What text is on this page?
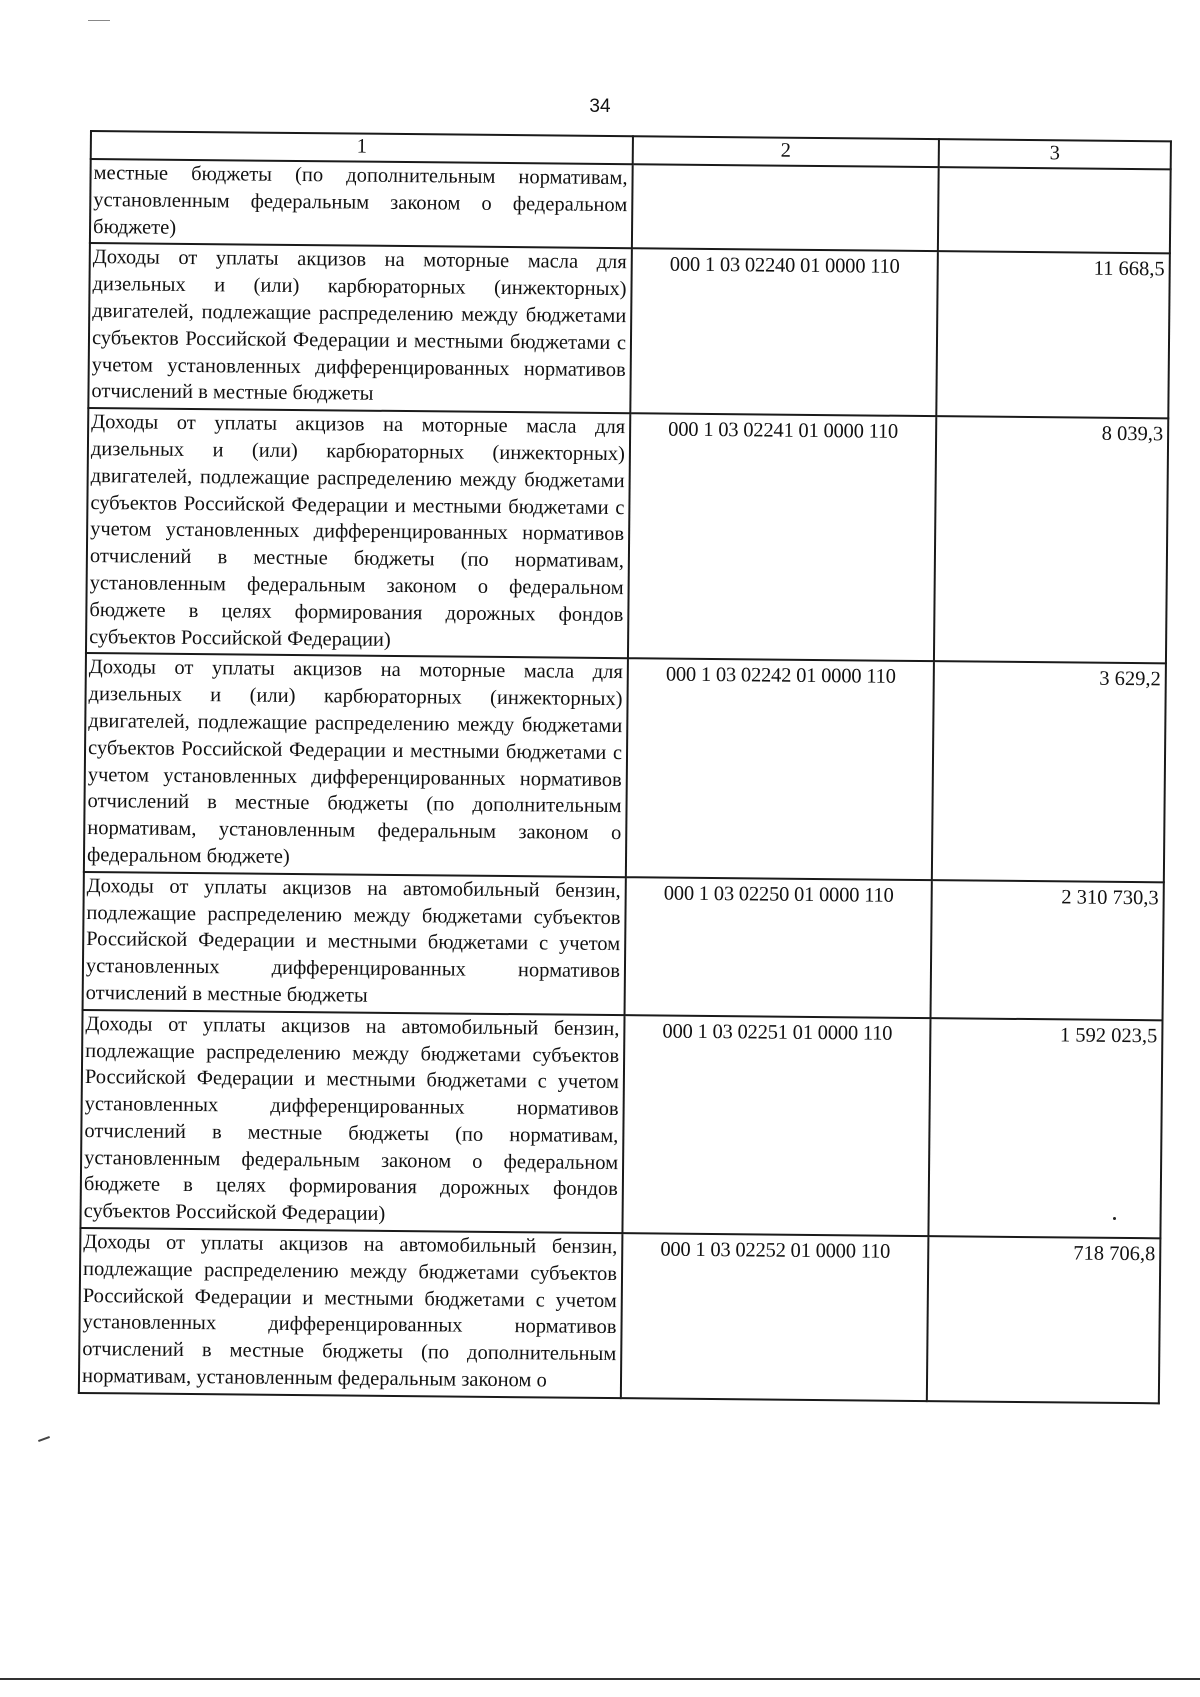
34
1	2	3
местные бюджеты (по дополнительным нормативам, установленным федеральным законом о федеральном бюджете)		
Доходы от уплаты акцизов на моторные масла для дизельных и (или) карбюраторных (инжекторных) двигателей, подлежащие распределению между бюджетами субъектов Российской Федерации и местными бюджетами с учетом установленных дифференцированных нормативов отчислений в местные бюджеты	000 1 03 02240 01 0000 110	11 668,5
Доходы от уплаты акцизов на моторные масла для дизельных и (или) карбюраторных (инжекторных) двигателей, подлежащие распределению между бюджетами субъектов Российской Федерации и местными бюджетами с учетом установленных дифференцированных нормативов отчислений в местные бюджеты (по нормативам, установленным федеральным законом о федеральном бюджете в целях формирования дорожных фондов субъектов Российской Федерации)	000 1 03 02241 01 0000 110	8 039,3
Доходы от уплаты акцизов на моторные масла для дизельных и (или) карбюраторных (инжекторных) двигателей, подлежащие распределению между бюджетами субъектов Российской Федерации и местными бюджетами с учетом установленных дифференцированных нормативов отчислений в местные бюджеты (по дополнительным нормативам, установленным федеральным законом о федеральном бюджете)	000 1 03 02242 01 0000 110	3 629,2
Доходы от уплаты акцизов на автомобильный бензин, подлежащие распределению между бюджетами субъектов Российской Федерации и местными бюджетами с учетом установленных дифференцированных нормативов отчислений в местные бюджеты	000 1 03 02250 01 0000 110	2 310 730,3
Доходы от уплаты акцизов на автомобильный бензин, подлежащие распределению между бюджетами субъектов Российской Федерации и местными бюджетами с учетом установленных дифференцированных нормативов отчислений в местные бюджеты (по нормативам, установленным федеральным законом о федеральном бюджете в целях формирования дорожных фондов субъектов Российской Федерации)	000 1 03 02251 01 0000 110	1 592 023,5
Доходы от уплаты акцизов на автомобильный бензин, подлежащие распределению между бюджетами субъектов Российской Федерации и местными бюджетами с учетом установленных дифференцированных нормативов отчислений в местные бюджеты (по дополнительным нормативам, установленным федеральным законом о	000 1 03 02252 01 0000 110	718 706,8
